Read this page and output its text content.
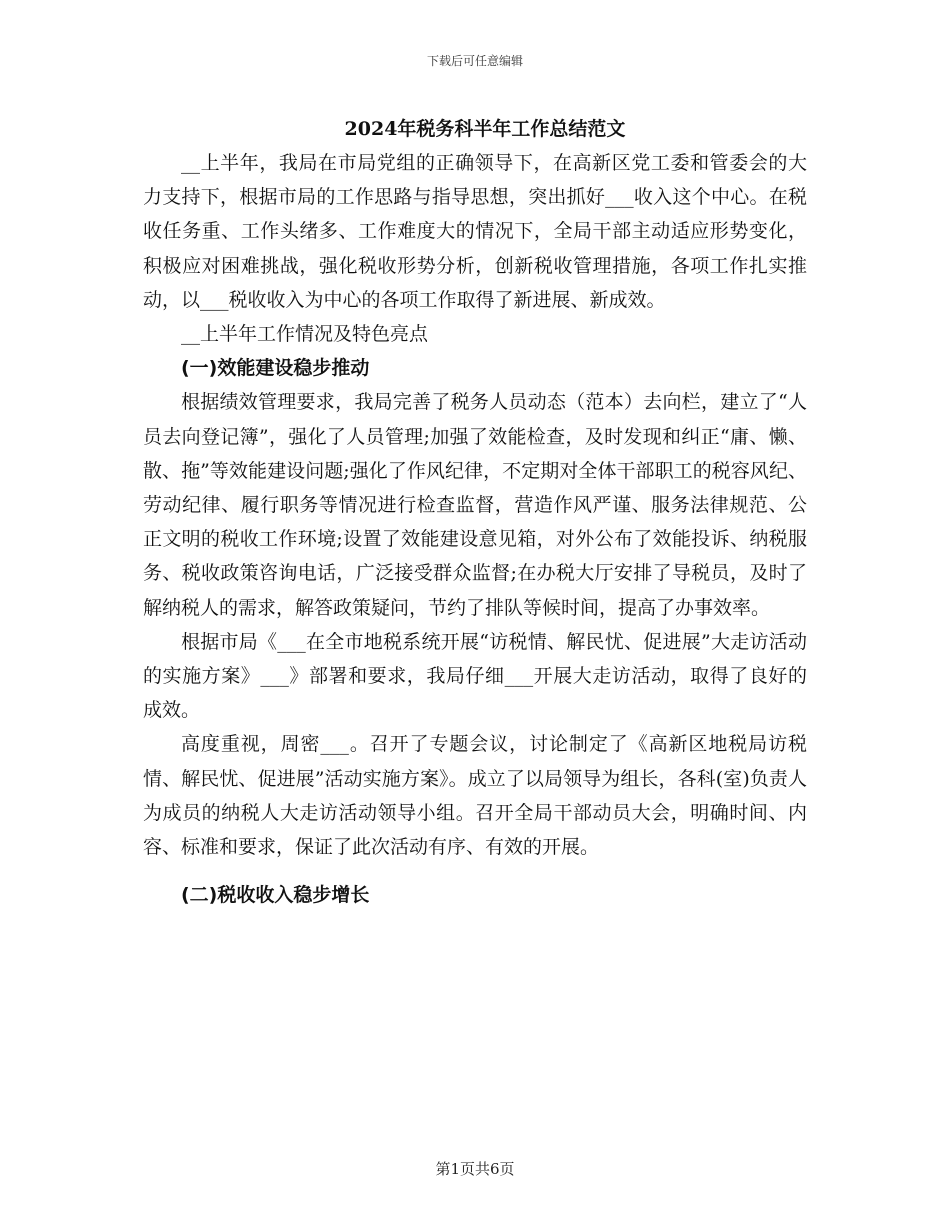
下载后可任意编辑
2024年税务科半年工作总结范文

__上半年，我局在市局党组的正确领导下，在高新区党工委和管委会的大力支持下，根据市局的工作思路与指导思想，突出抓好___收入这个中心。在税收任务重、工作头绪多、工作难度大的情况下，全局干部主动适应形势变化，积极应对困难挑战，强化税收形势分析，创新税收管理措施，各项工作扎实推动，以___税收收入为中心的各项工作取得了新进展、新成效。

__上半年工作情况及特色亮点

(一)效能建设稳步推动

根据绩效管理要求，我局完善了税务人员动态（范本）去向栏，建立了“人员去向登记簿”，强化了人员管理;加强了效能检查，及时发现和纠正“庸、懒、散、拖”等效能建设问题;强化了作风纪律，不定期对全体干部职工的税容风纪、劳动纪律、履行职务等情况进行检查监督，营造作风严谨、服务法律规范、公正文明的税收工作环境;设置了效能建设意见箱，对外公布了效能投诉、纳税服务、税收政策咨询电话，广泛接受群众监督;在办税大厅安排了导税员，及时了解纳税人的需求，解答政策疑问，节约了排队等候时间，提高了办事效率。

根据市局《___在全市地税系统开展“访税情、解民忧、促进展”大走访活动的实施方案》___》部署和要求，我局仔细___开展大走访活动，取得了良好的成效。

高度重视，周密___。召开了专题会议，讨论制定了《高新区地税局访税情、解民忧、促进展”活动实施方案》。成立了以局领导为组长，各科(室)负责人为成员的纳税人大走访活动领导小组。召开全局干部动员大会，明确时间、内容、标准和要求，保证了此次活动有序、有效的开展。

(二)税收收入稳步增长

第1页共6页
